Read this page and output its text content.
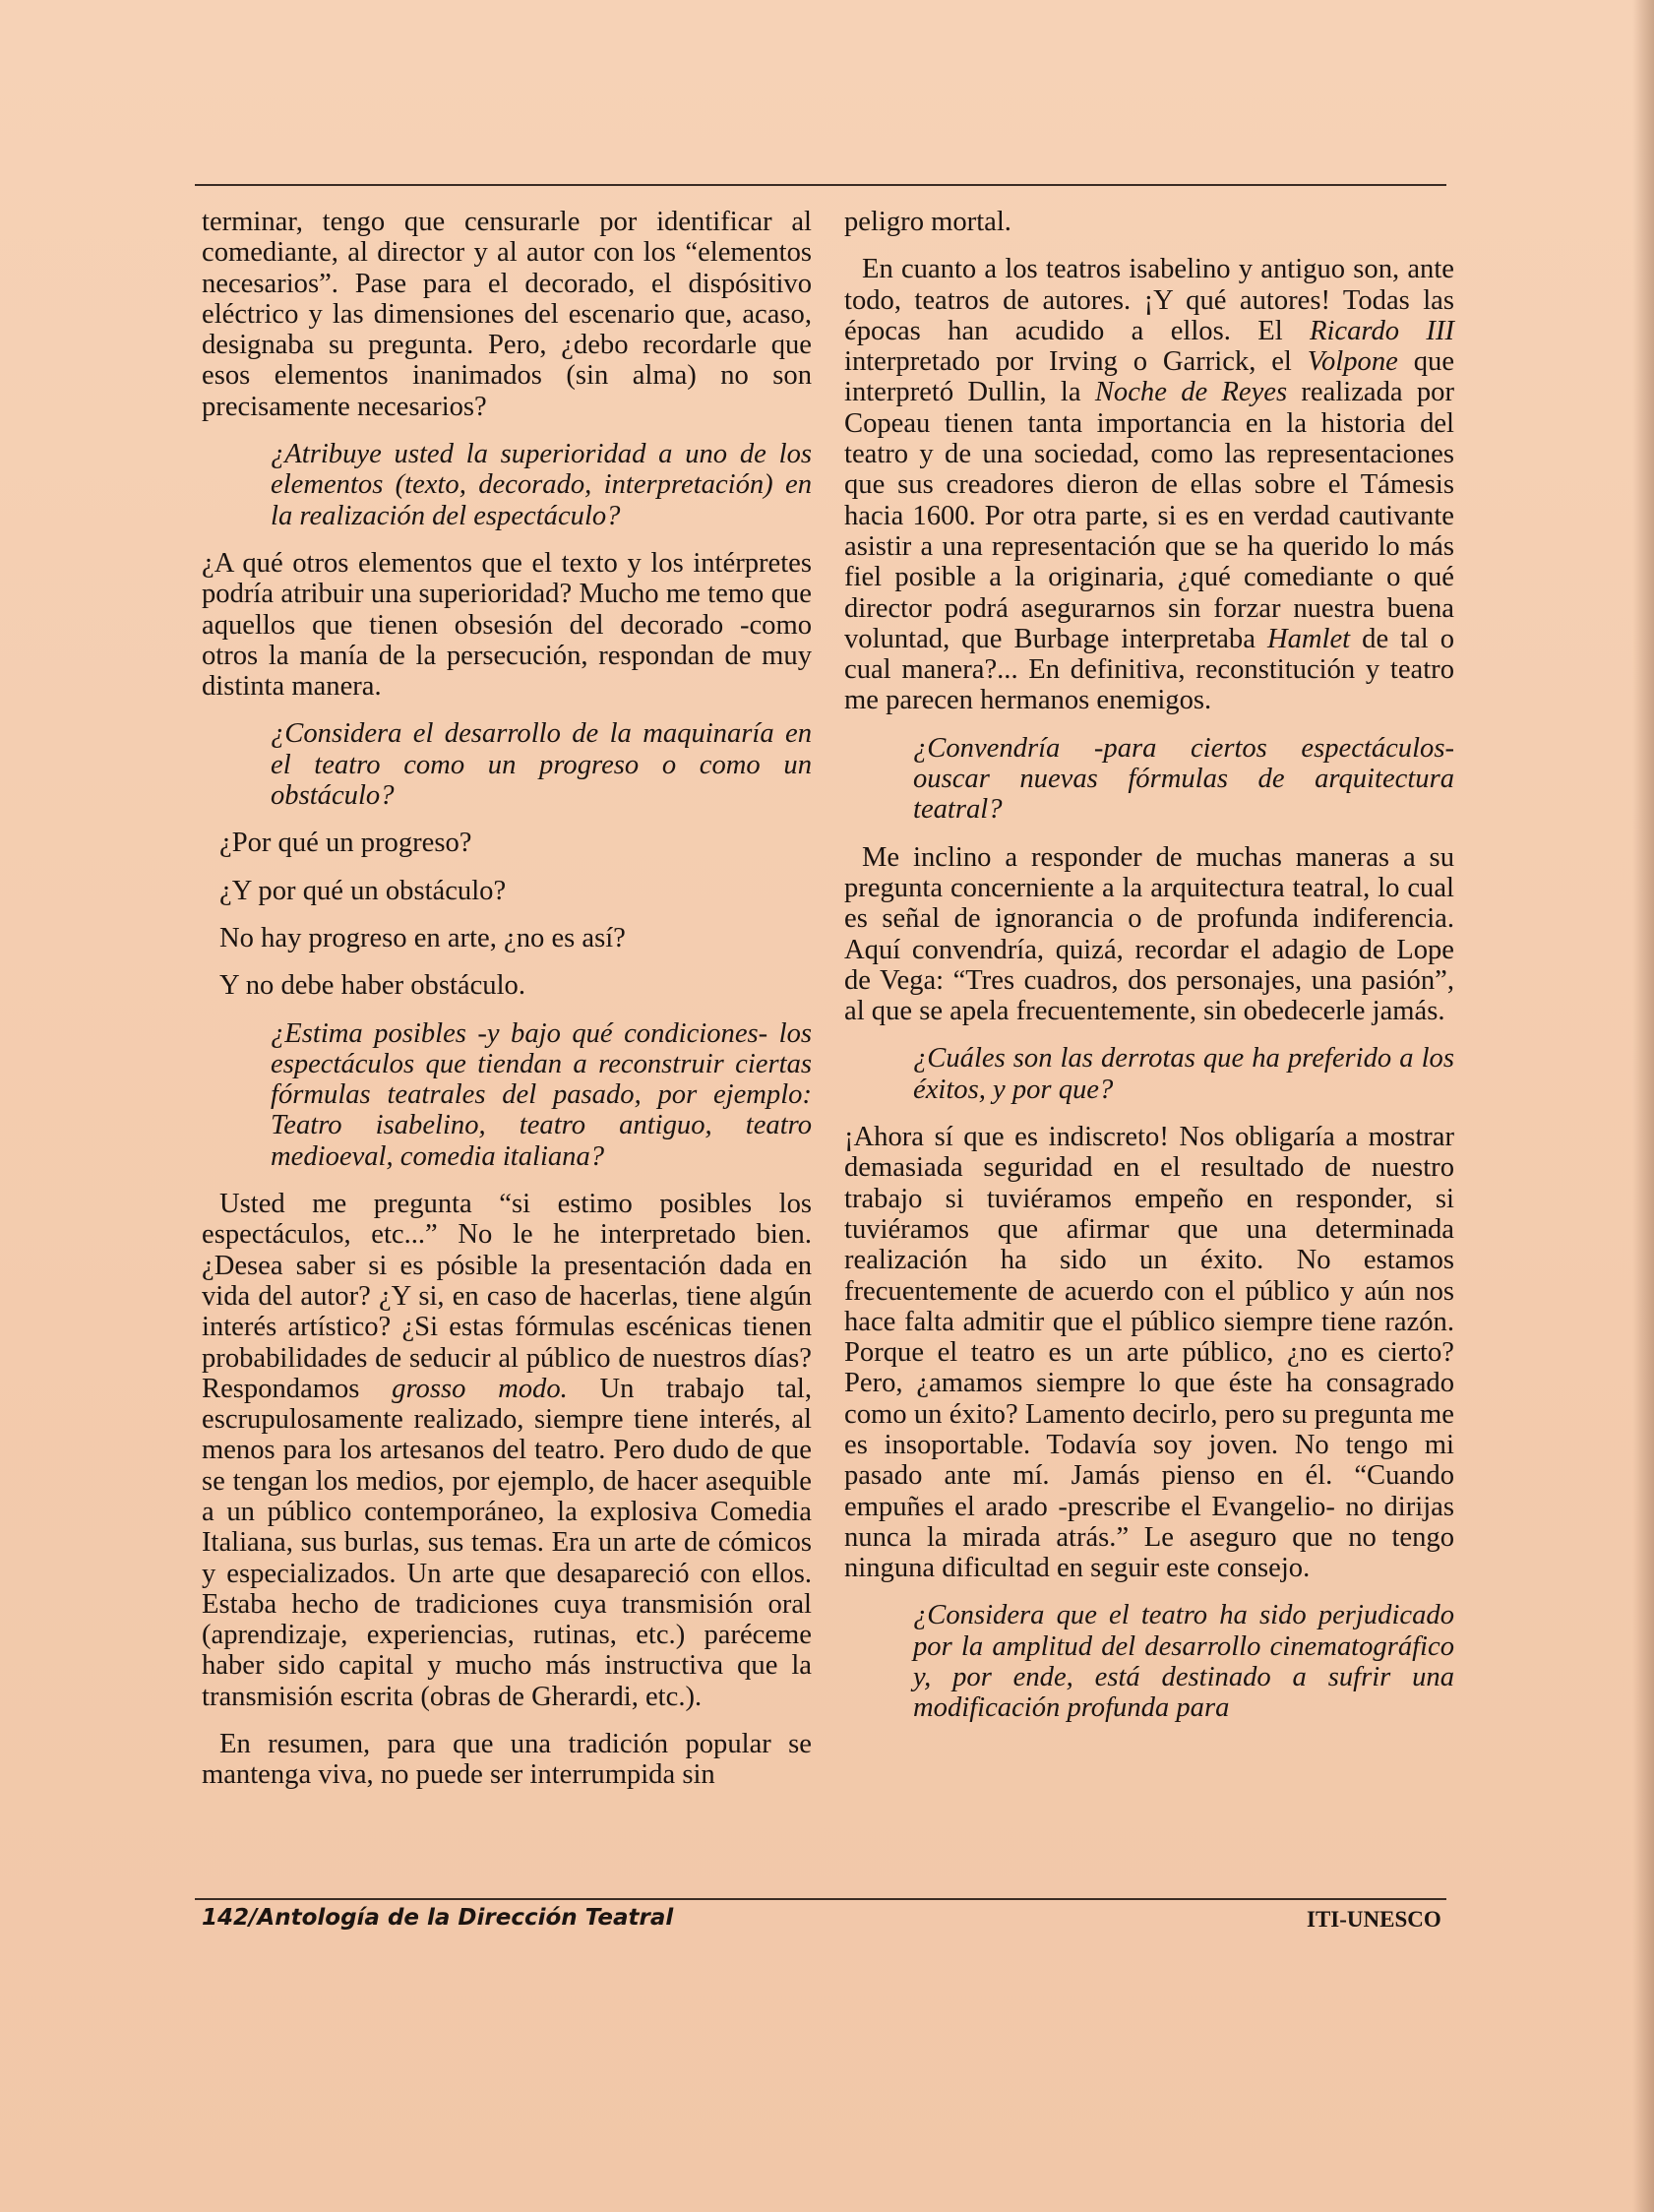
terminar, tengo que censurarle por identificar al comediante, al director y al autor con los “elementos necesarios”. Pase para el decorado, el dispósitivo eléctrico y las dimensiones del escenario que, acaso, designaba su pregunta. Pero, ¿debo recordarle que esos elementos inanimados (sin alma) no son precisamente necesarios?

¿Atribuye usted la superioridad a uno de los elementos (texto, decorado, interpretación) en la realización del espectáculo?

¿A qué otros elementos que el texto y los intérpretes podría atribuir una superioridad? Mucho me temo que aquellos que tienen obsesión del decorado -como otros la manía de la persecución, respondan de muy distinta manera.

¿Considera el desarrollo de la maquinaría en el teatro como un progreso o como un obstáculo?

¿Por qué un progreso?

¿Y por qué un obstáculo?

No hay progreso en arte, ¿no es así?

Y no debe haber obstáculo.

¿Estima posibles -y bajo qué condiciones- los espectáculos que tiendan a reconstruir ciertas fórmulas teatrales del pasado, por ejemplo: Teatro isabelino, teatro antiguo, teatro medioeval, comedia italiana?

Usted me pregunta “si estimo posibles los espectáculos, etc...” No le he interpretado bien. ¿Desea saber si es pósible la presentación dada en vida del autor? ¿Y si, en caso de hacerlas, tiene algún interés artístico? ¿Si estas fórmulas escénicas tienen probabilidades de seducir al público de nuestros días? Respondamos grosso modo. Un trabajo tal, escrupulosamente realizado, siempre tiene interés, al menos para los artesanos del teatro. Pero dudo de que se tengan los medios, por ejemplo, de hacer asequible a un público contemporáneo, la explosiva Comedia Italiana, sus burlas, sus temas. Era un arte de cómicos y especializados. Un arte que desapareció con ellos. Estaba hecho de tradiciones cuya transmisión oral (aprendizaje, experiencias, rutinas, etc.) paréceme haber sido capital y mucho más instructiva que la transmisión escrita (obras de Gherardi, etc.).

En resumen, para que una tradición popular se mantenga viva, no puede ser interrumpida sin

peligro mortal.

En cuanto a los teatros isabelino y antiguo son, ante todo, teatros de autores. ¡Y qué autores! Todas las épocas han acudido a ellos. El Ricardo III interpretado por Irving o Garrick, el Volpone que interpretó Dullin, la Noche de Reyes realizada por Copeau tienen tanta importancia en la historia del teatro y de una sociedad, como las representaciones que sus creadores dieron de ellas sobre el Támesis hacia 1600. Por otra parte, si es en verdad cautivante asistir a una representación que se ha querido lo más fiel posible a la originaria, ¿qué comediante o qué director podrá asegurarnos sin forzar nuestra buena voluntad, que Burbage interpretaba Hamlet de tal o cual manera?... En definitiva, reconstitución y teatro me parecen hermanos enemigos.

¿Convendría -para ciertos espectáculos- ouscar nuevas fórmulas de arquitectura teatral?

Me inclino a responder de muchas maneras a su pregunta concerniente a la arquitectura teatral, lo cual es señal de ignorancia o de profunda indiferencia. Aquí convendría, quizá, recordar el adagio de Lope de Vega: “Tres cuadros, dos personajes, una pasión”, al que se apela frecuentemente, sin obedecerle jamás.

¿Cuáles son las derrotas que ha preferido a los éxitos, y por que?

¡Ahora sí que es indiscreto! Nos obligaría a mostrar demasiada seguridad en el resultado de nuestro trabajo si tuviéramos empeño en responder, si tuviéramos que afirmar que una determinada realización ha sido un éxito. No estamos frecuentemente de acuerdo con el público y aún nos hace falta admitir que el público siempre tiene razón. Porque el teatro es un arte público, ¿no es cierto? Pero, ¿amamos siempre lo que éste ha consagrado como un éxito? Lamento decirlo, pero su pregunta me es insoportable. Todavía soy joven. No tengo mi pasado ante mí. Jamás pienso en él. “Cuando empuñes el arado -prescribe el Evangelio- no dirijas nunca la mirada atrás.” Le aseguro que no tengo ninguna dificultad en seguir este consejo.

¿Considera que el teatro ha sido perjudicado por la amplitud del desarrollo cinematográfico y, por ende, está destinado a sufrir una modificación profunda para

142/Antología de la Dirección Teatral	ITI-UNESCO
